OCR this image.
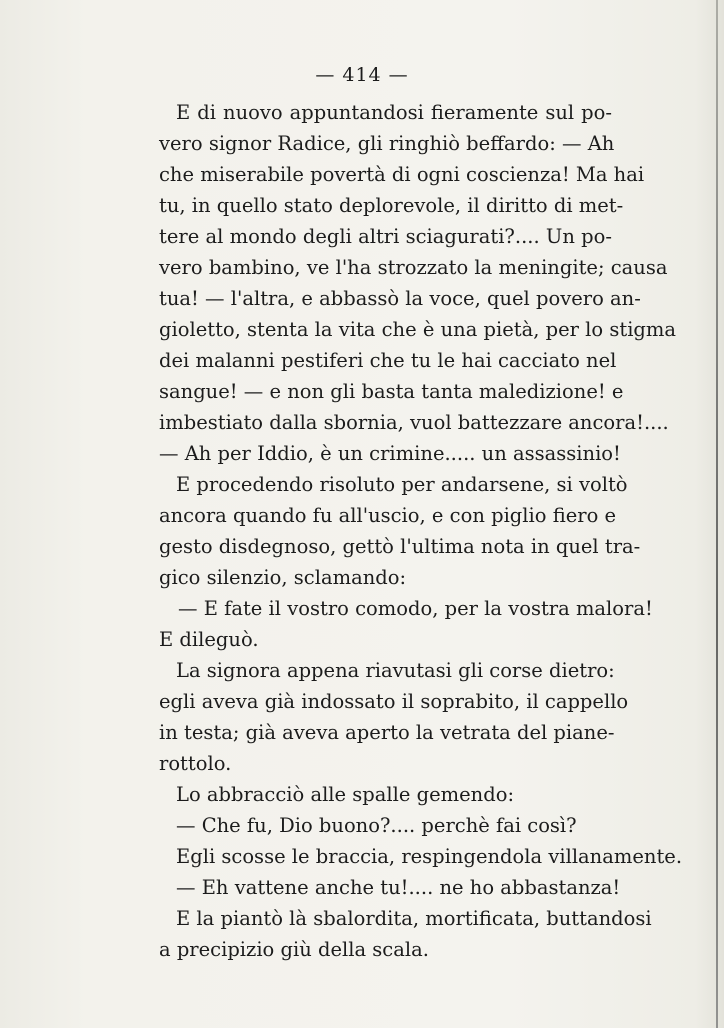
— 414 —
E di nuovo appuntandosi fieramente sul po-
vero signor Radice, gli ringhiò beffardo: — Ah
che miserabile povertà di ogni coscienza! Ma hai
tu, in quello stato deplorevole, il diritto di met-
tere al mondo degli altri sciagurati?.... Un po-
vero bambino, ve l'ha strozzato la meningite; causa
tua! — l'altra, e abbassò la voce, quel povero an-
gioletto, stenta la vita che è una pietà, per lo stigma
dei malanni pestiferi che tu le hai cacciato nel
sangue! — e non gli basta tanta maledizione! e
imbestiato dalla sbornia, vuol battezzare ancora!....
— Ah per Iddio, è un crimine..... un assassinio!
E procedendo risoluto per andarsene, si voltò
ancora quando fu all'uscio, e con piglio fiero e
gesto disdegnoso, gettò l'ultima nota in quel tra-
gico silenzio, sclamando:
— E fate il vostro comodo, per la vostra malora!
E dileguò.
La signora appena riavutasi gli corse dietro:
egli aveva già indossato il soprabito, il cappello
in testa; già aveva aperto la vetrata del piane-
rottolo.
Lo abbracciò alle spalle gemendo:
— Che fu, Dio buono?.... perchè fai così?
Egli scosse le braccia, respingendola villanamente.
— Eh vattene anche tu!.... ne ho abbastanza!
E la piantò là sbalordita, mortificata, buttandosi
a precipizio giù della scala.
